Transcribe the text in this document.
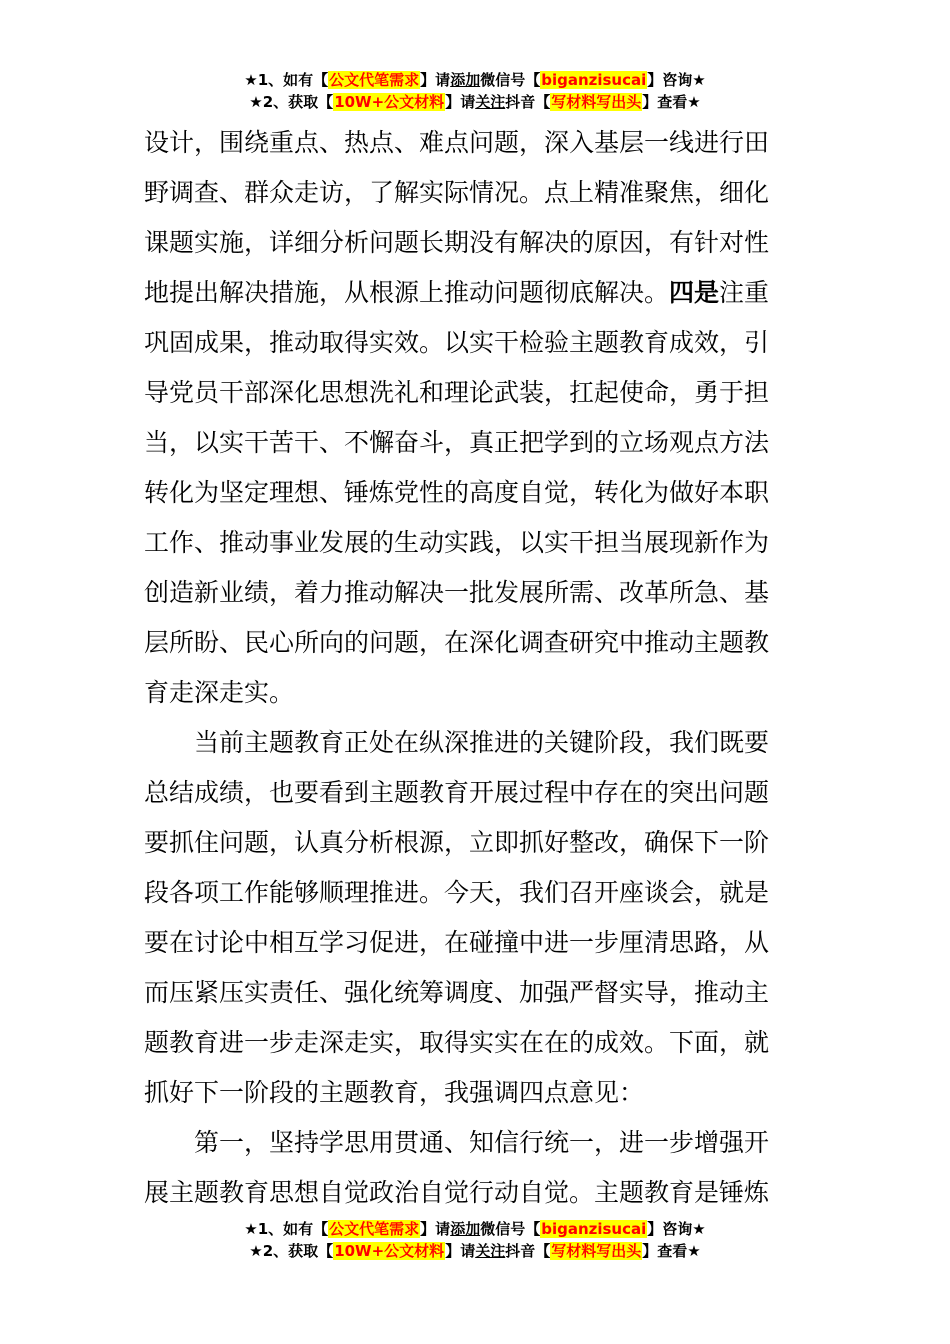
★1、如有【公文代笔需求】请添加微信号【biganzisucai】咨询★
★2、获取【10W+公文材料】请关注抖音【写材料写出头】查看★
设计，围绕重点、热点、难点问题，深入基层一线进行田
野调查、群众走访，了解实际情况。点上精准聚焦，细化
课题实施，详细分析问题长期没有解决的原因，有针对性
地提出解决措施，从根源上推动问题彻底解决。四是注重
巩固成果，推动取得实效。以实干检验主题教育成效，引
导党员干部深化思想洗礼和理论武装，扛起使命，勇于担
当，以实干苦干、不懈奋斗，真正把学到的立场观点方法
转化为坚定理想、锤炼党性的高度自觉，转化为做好本职
工作、推动事业发展的生动实践，以实干担当展现新作为
创造新业绩，着力推动解决一批发展所需、改革所急、基
层所盼、民心所向的问题，在深化调查研究中推动主题教
育走深走实。
当前主题教育正处在纵深推进的关键阶段，我们既要
总结成绩，也要看到主题教育开展过程中存在的突出问题
要抓住问题，认真分析根源，立即抓好整改，确保下一阶
段各项工作能够顺理推进。今天，我们召开座谈会，就是
要在讨论中相互学习促进，在碰撞中进一步厘清思路，从
而压紧压实责任、强化统筹调度、加强严督实导，推动主
题教育进一步走深走实，取得实实在在的成效。下面，就
抓好下一阶段的主题教育，我强调四点意见：
第一，坚持学思用贯通、知信行统一，进一步增强开
展主题教育思想自觉政治自觉行动自觉。主题教育是锤炼
★1、如有【公文代笔需求】请添加微信号【biganzisucai】咨询★
★2、获取【10W+公文材料】请关注抖音【写材料写出头】查看★
